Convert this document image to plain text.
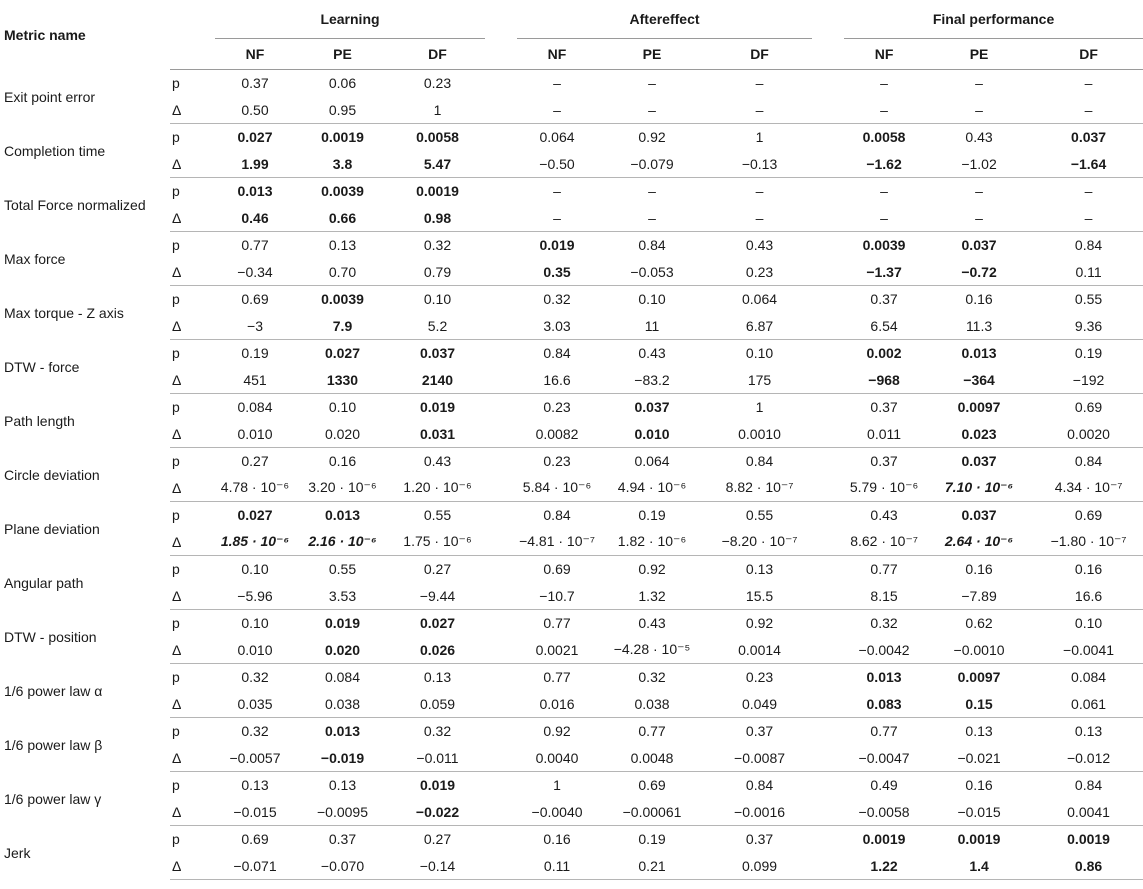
Metric name		Learning				Aftereffect				Final performance		
		NF	PE	DF		NF	PE	DF		NF	PE	DF
Exit point error	p	0.37	0.06	0.23		–	–	–		–	–	–
	Δ	0.50	0.95	1		–	–	–		–	–	–
Completion time	p	0.027	0.0019	0.0058		0.064	0.92	1		0.0058	0.43	0.037
	Δ	1.99	3.8	5.47		−0.50	−0.079	−0.13		−1.62	−1.02	−1.64
Total Force normalized	p	0.013	0.0039	0.0019		–	–	–		–	–	–
	Δ	0.46	0.66	0.98		–	–	–		–	–	–
Max force	p	0.77	0.13	0.32		0.019	0.84	0.43		0.0039	0.037	0.84
	Δ	−0.34	0.70	0.79		0.35	−0.053	0.23		−1.37	−0.72	0.11
Max torque - Z axis	p	0.69	0.0039	0.10		0.32	0.10	0.064		0.37	0.16	0.55
	Δ	−3	7.9	5.2		3.03	11	6.87		6.54	11.3	9.36
DTW - force	p	0.19	0.027	0.037		0.84	0.43	0.10		0.002	0.013	0.19
	Δ	451	1330	2140		16.6	−83.2	175		−968	−364	−192
Path length	p	0.084	0.10	0.019		0.23	0.037	1		0.37	0.0097	0.69
	Δ	0.010	0.020	0.031		0.0082	0.010	0.0010		0.011	0.023	0.0020
Circle deviation	p	0.27	0.16	0.43		0.23	0.064	0.84		0.37	0.037	0.84
	Δ	4.78 · 10⁻⁶	3.20 · 10⁻⁶	1.20 · 10⁻⁶		5.84 · 10⁻⁶	4.94 · 10⁻⁶	8.82 · 10⁻⁷		5.79 · 10⁻⁶	7.10 · 10⁻⁶	4.34 · 10⁻⁷
Plane deviation	p	0.027	0.013	0.55		0.84	0.19	0.55		0.43	0.037	0.69
	Δ	1.85 · 10⁻⁶	2.16 · 10⁻⁶	1.75 · 10⁻⁶		−4.81 · 10⁻⁷	1.82 · 10⁻⁶	−8.20 · 10⁻⁷		8.62 · 10⁻⁷	2.64 · 10⁻⁶	−1.80 · 10⁻⁷
Angular path	p	0.10	0.55	0.27		0.69	0.92	0.13		0.77	0.16	0.16
	Δ	−5.96	3.53	−9.44		−10.7	1.32	15.5		8.15	−7.89	16.6
DTW - position	p	0.10	0.019	0.027		0.77	0.43	0.92		0.32	0.62	0.10
	Δ	0.010	0.020	0.026		0.0021	−4.28 · 10⁻⁵	0.0014		−0.0042	−0.0010	−0.0041
1/6 power law α	p	0.32	0.084	0.13		0.77	0.32	0.23		0.013	0.0097	0.084
	Δ	0.035	0.038	0.059		0.016	0.038	0.049		0.083	0.15	0.061
1/6 power law β	p	0.32	0.013	0.32		0.92	0.77	0.37		0.77	0.13	0.13
	Δ	−0.0057	−0.019	−0.011		0.0040	0.0048	−0.0087		−0.0047	−0.021	−0.012
1/6 power law γ	p	0.13	0.13	0.019		1	0.69	0.84		0.49	0.16	0.84
	Δ	−0.015	−0.0095	−0.022		−0.0040	−0.00061	−0.0016		−0.0058	−0.015	0.0041
Jerk	p	0.69	0.37	0.27		0.16	0.19	0.37		0.0019	0.0019	0.0019
	Δ	−0.071	−0.070	−0.14		0.11	0.21	0.099		1.22	1.4	0.86
